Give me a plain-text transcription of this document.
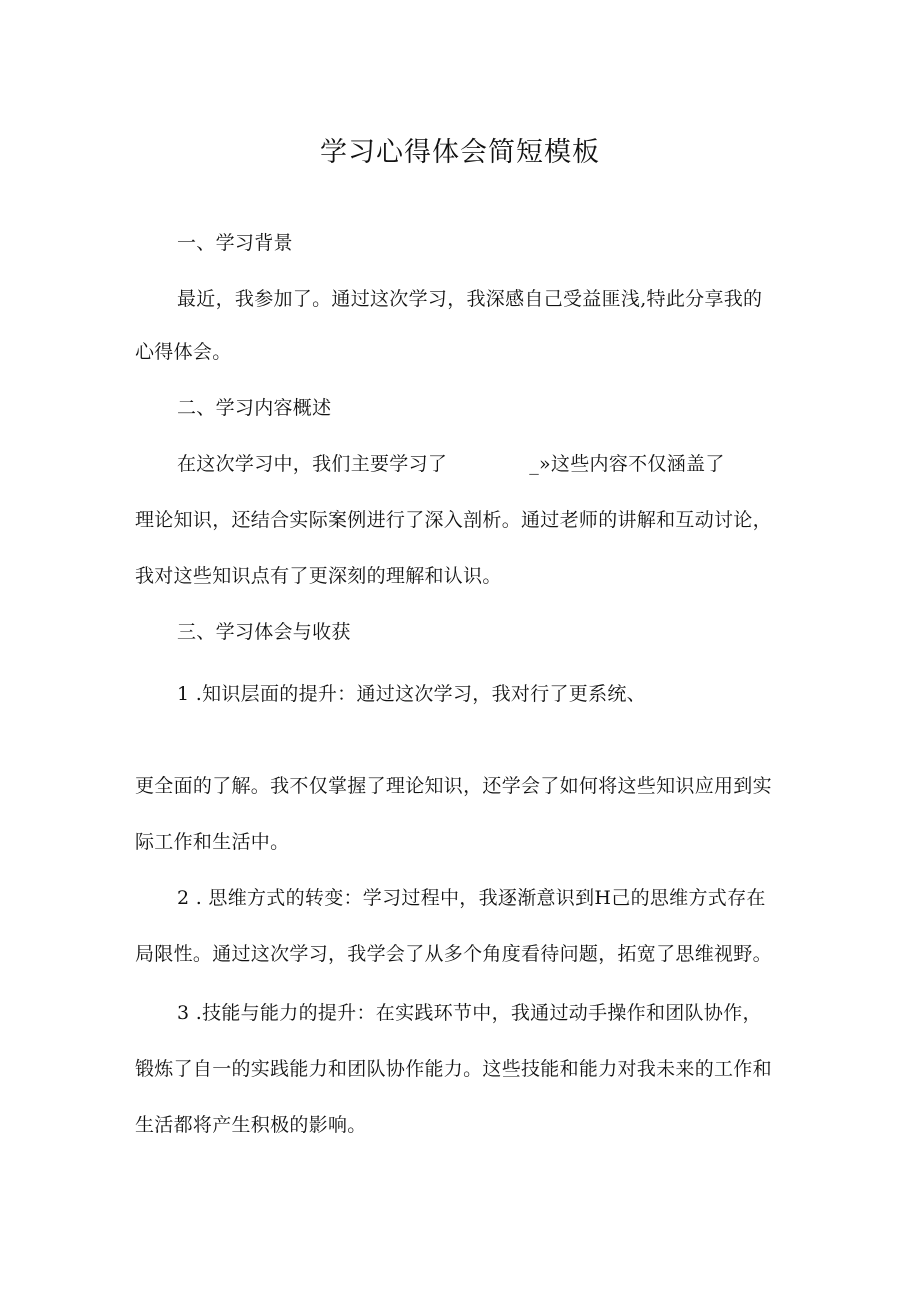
学习心得体会简短模板
一、学习背景
最近，我参加了。通过这次学习，我深感自己受益匪浅,特此分享我的
心得体会。
二、学习内容概述
在这次学习中，我们主要学习了	_»这些内容不仅涵盖了
理论知识，还结合实际案例进行了深入剖析。通过老师的讲解和互动讨论，
我对这些知识点有了更深刻的理解和认识。
三、学习体会与收获
1 .知识层面的提升：通过这次学习，我对行了更系统、
更全面的了解。我不仅掌握了理论知识，还学会了如何将这些知识应用到实
际工作和生活中。
2 . 思维方式的转变：学习过程中，我逐渐意识到H己的思维方式存在
局限性。通过这次学习，我学会了从多个角度看待问题，拓宽了思维视野。
3 .技能与能力的提升：在实践环节中，我通过动手操作和团队协作，
锻炼了自一的实践能力和团队协作能力。这些技能和能力对我未来的工作和
生活都将产生积极的影响。
